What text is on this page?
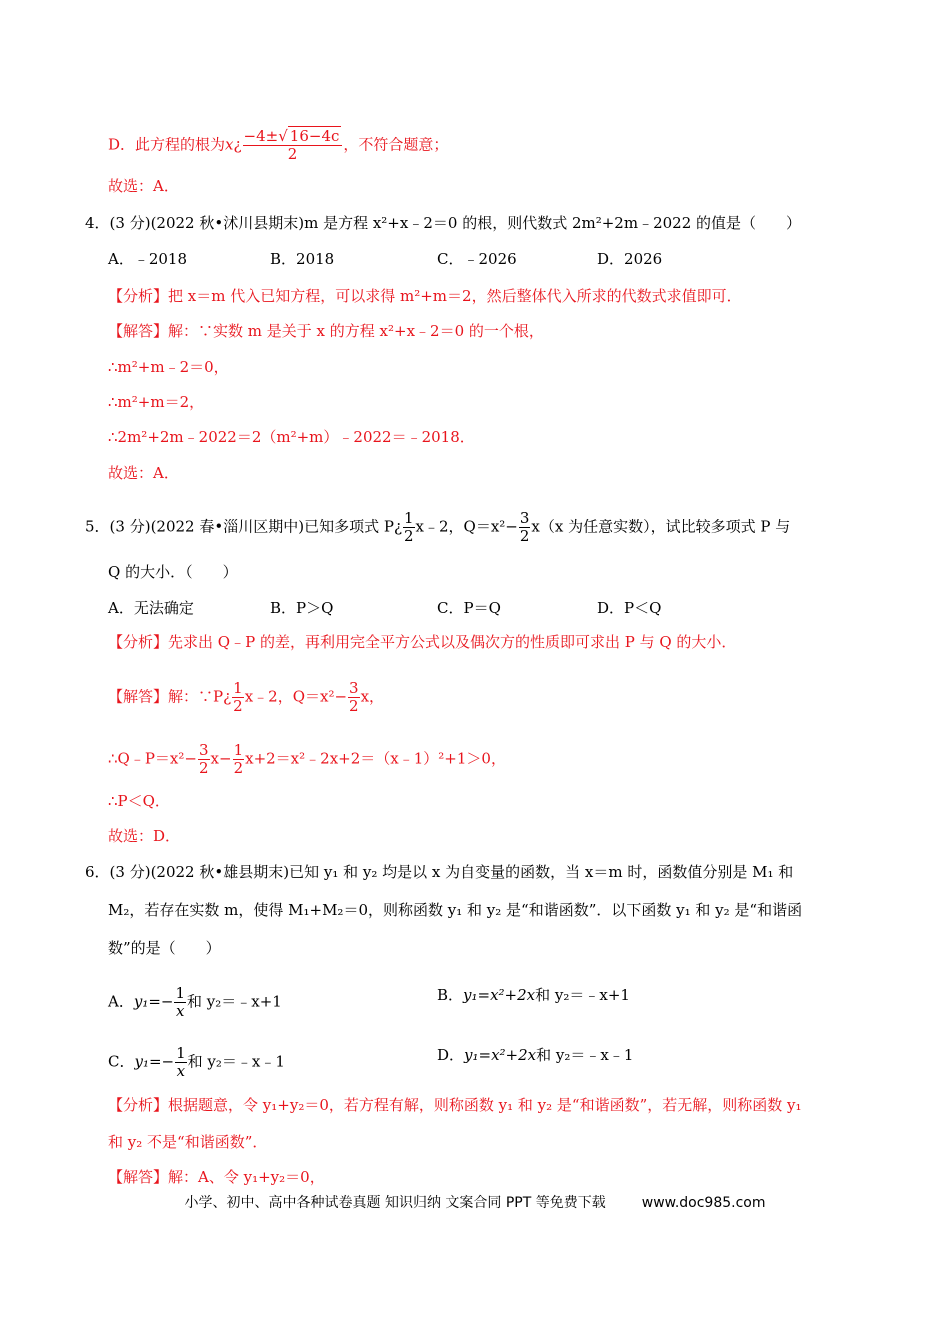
D．此方程的根为x¿ $\frac{-4\pm√ 16-4c}{2}$ ，不符合题意；
故选：A．
4．(3 分)(2022 秋•沭川县期末)m 是方程 x²+x﹣2＝0 的根，则代数式 2m²+2m﹣2022 的值是（　　）
A．﹣2018	B．2018	C．﹣2026	D．2026
【分析】把 x＝m 代入已知方程，可以求得 m²+m＝2，然后整体代入所求的代数式求值即可．
【解答】解：∵实数 m 是关于 x 的方程 x²+x﹣2＝0 的一个根，
∴m²+m﹣2＝0，
∴m²+m＝2，
∴2m²+2m﹣2022＝2（m²+m）﹣2022＝﹣2018．
故选：A．
5．(3 分)(2022 春•淄川区期中)已知多项式 P¿ $\frac{1}{2}$ x﹣2，$Q=x^2- \frac{3}{2} x(x$ 为任意实数），试比较多项式 P 与
Q 的大小．（　　）
A．无法确定	B．P＞Q	C．P＝Q	D．P＜Q
【分析】先求出 Q﹣P 的差，再利用完全平方公式以及偶次方的性质即可求出 P 与 Q 的大小．
【解答】解：∵P¿ $\frac{1}{2}$ x﹣2，$Q=x^2- \frac{3}{2}$ x，
∴Q﹣P＝x²− $\frac{3}{2} x- \frac{1}{2}$ x+2＝x²﹣2x+2＝（x﹣1）²+1＞0，
∴P＜Q．
故选：D．
6．(3 分)(2022 秋•雄县期末)已知 y₁ 和 y₂ 均是以 x 为自变量的函数，当 x＝m 时，函数值分别是 M₁ 和
M₂，若存在实数 m，使得 M₁+M₂＝0，则称函数 y₁ 和 y₂ 是“和谐函数”．以下函数 y₁ 和 y₂ 是“和谐函
数”的是（　　）
A．$y_1=- \frac{1}{x}$ 和 y₂＝﹣x+1	B．y₁=x²+2x和 y₂＝﹣x+1
C．$y_1=- \frac{1}{x}$ 和 y₂＝﹣x﹣1	D．y₁=x²+2x和 y₂＝﹣x﹣1
【分析】根据题意，令 y₁+y₂＝0，若方程有解，则称函数 y₁ 和 y₂ 是“和谐函数”，若无解，则称函数 y₁
和 y₂ 不是“和谐函数”．
【解答】解：A、令 y₁+y₂＝0，
小学、初中、高中各种试卷真题 知识归纳 文案合同 PPT 等免费下载	www.doc985.com
